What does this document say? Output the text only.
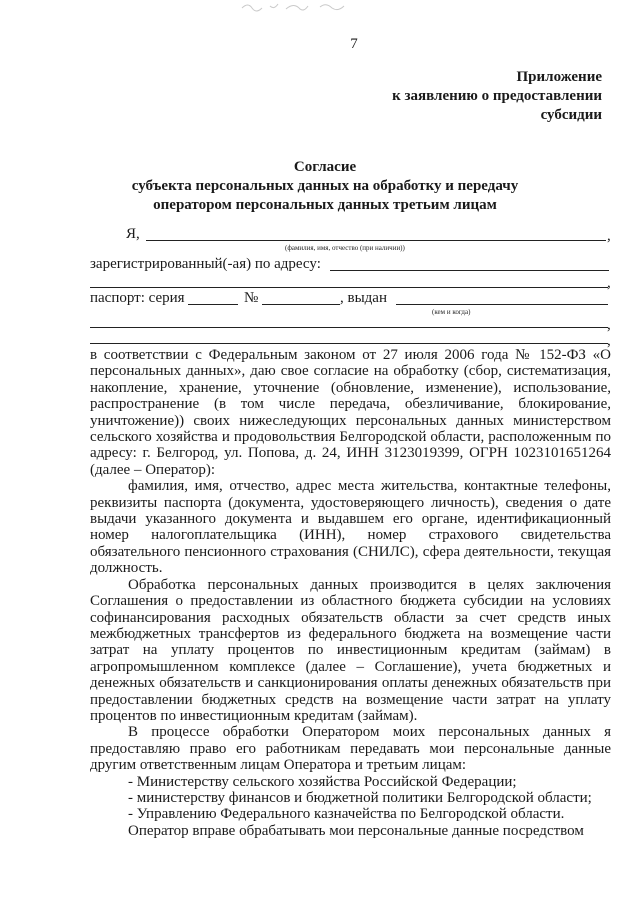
7
Приложение
к заявлению о предоставлении
субсидии
Согласие
субъекта персональных данных на обработку и передачу
оператором персональных данных третьим лицам
Я,	,
(фамилия, имя, отчество (при наличии))
зарегистрированный(-ая) по адресу:
,
паспорт: серия	№	, выдан
(кем и когда)
,
,

в соответствии с Федеральным законом от 27 июля 2006 года № 152-ФЗ «О персональных данных», даю свое согласие на обработку (сбор, систематизация, накопление, хранение, уточнение (обновление, изменение), использование, распространение (в том числе передача, обезличивание, блокирование, уничтожение)) своих нижеследующих персональных данных министерством сельского хозяйства и продовольствия Белгородской области, расположенным по адресу: г. Белгород, ул. Попова, д. 24, ИНН 3123019399, ОГРН 1023101651264 (далее – Оператор):

фамилия, имя, отчество, адрес места жительства, контактные телефоны, реквизиты паспорта (документа, удостоверяющего личность), сведения о дате выдачи указанного документа и выдавшем его органе, идентификационный номер налогоплательщика (ИНН), номер страхового свидетельства обязательного пенсионного страхования (СНИЛС), сфера деятельности, текущая должность.

Обработка персональных данных производится в целях заключения Соглашения о предоставлении из областного бюджета субсидии на условиях софинансирования расходных обязательств области за счет средств иных межбюджетных трансфертов из федерального бюджета на возмещение части затрат на уплату процентов по инвестиционным кредитам (займам) в агропромышленном комплексе (далее – Соглашение), учета бюджетных и денежных обязательств и санкционирования оплаты денежных обязательств при предоставлении бюджетных средств на возмещение части затрат на уплату процентов по инвестиционным кредитам (займам).

В процессе обработки Оператором моих персональных данных я предоставляю право его работникам передавать мои персональные данные другим ответственным лицам Оператора и третьим лицам:

- Министерству сельского хозяйства Российской Федерации;

- министерству финансов и бюджетной политики Белгородской области;

- Управлению Федерального казначейства по Белгородской области.

Оператор вправе обрабатывать мои персональные данные посредством
